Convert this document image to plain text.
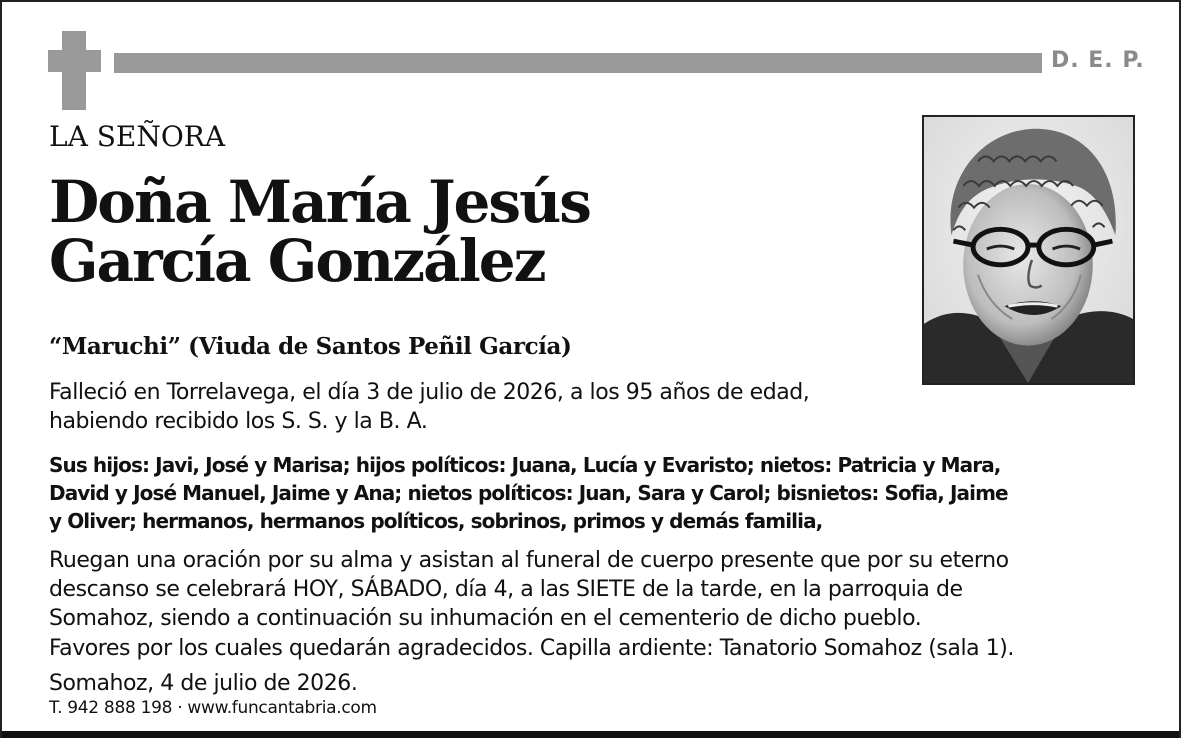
D. E. P.
LA SEÑORA
Doña María Jesús
García González
“Maruchi” (Viuda de Santos Peñil García)
Falleció en Torrelavega, el día 3 de julio de 2026, a los 95 años de edad,
habiendo recibido los S. S. y la B. A.
Sus hijos: Javi, José y Marisa; hijos políticos: Juana, Lucía y Evaristo; nietos: Patricia y Mara,
David y José Manuel, Jaime y Ana; nietos políticos: Juan, Sara y Carol; bisnietos: Sofia, Jaime
y Oliver; hermanos, hermanos políticos, sobrinos, primos y demás familia,
Ruegan una oración por su alma y asistan al funeral de cuerpo presente que por su eterno
descanso se celebrará HOY, SÁBADO, día 4, a las SIETE de la tarde, en la parroquia de
Somahoz, siendo a continuación su inhumación en el cementerio de dicho pueblo.
Favores por los cuales quedarán agradecidos. Capilla ardiente: Tanatorio Somahoz (sala 1).
Somahoz, 4 de julio de 2026.
T. 942 888 198 · www.funcantabria.com
